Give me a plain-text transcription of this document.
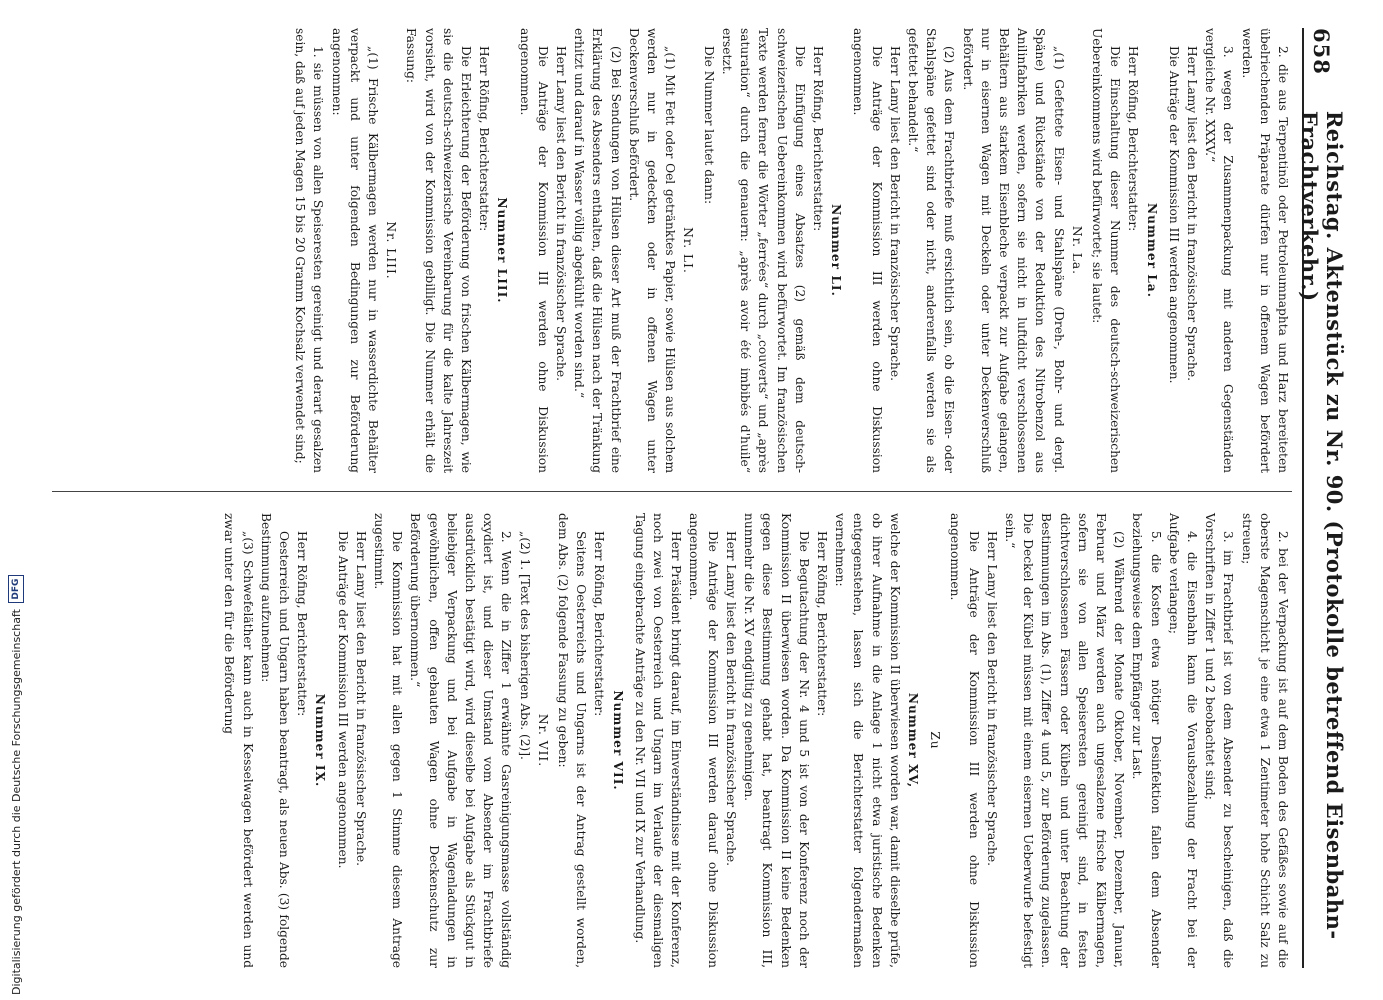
658
Reichstag. Aktenstück zu Nr. 90. (Protokolle betreffend Eisenbahn-Frachtverkehr.)

2. die aus Terpentinöl oder Petroleumnaphta und Harz bereiteten übelriechenden Präparate dürfen nur in offenem Wagen befördert werden.

3. wegen der Zusammenpackung mit anderen Gegenständen vergleiche Nr. XXXV.“

Herr Lamy liest den Bericht in französischer Sprache.

Die Anträge der Kommission III werden angenommen.

Nummer La.

Herr Röfing, Berichterstatter:

Die Einschaltung dieser Nummer des deutsch-schweizerischen Uebereinkommens wird befürwortet; sie lautet:

Nr. La.

„(1) Gefettete Eisen- und Stahlspäne (Dreh-, Bohr- und dergl. Späne) und Rückstände von der Reduktion des Nitrobenzol aus Anilinfabriken werden, sofern sie nicht in luftdicht verschlossenen Behältern aus starkem Eisenbleche verpackt zur Aufgabe gelangen, nur in eisernen Wagen mit Deckeln oder unter Deckenverschluß befördert.

(2) Aus dem Frachtbriefe muß ersichtlich sein, ob die Eisen- oder Stahlspäne gefettet sind oder nicht, anderenfalls werden sie als gefettet behandelt.“

Herr Lamy liest den Bericht in französischer Sprache.

Die Anträge der Kommission III werden ohne Diskussion angenommen.

Nummer LI.

Herr Röfing, Berichterstatter:

Die Einfügung eines Absatzes (2) gemäß dem deutsch-schweizerischen Uebereinkommen wird befürwortet. Im französischen Texte werden ferner die Wörter „ferrées“ durch „couverts“ und „après saturation“ durch die genauern: „après avoir été imbibés d'huile“ ersetzt.

Die Nummer lautet dann:

Nr. LI.

„(1) Mit Fett oder Oel getränktes Papier, sowie Hülsen aus solchem werden nur in gedeckten oder in offenen Wagen unter Deckenverschluß befördert.

(2) Bei Sendungen von Hülsen dieser Art muß der Frachtbrief eine Erklärung des Absenders enthalten, daß die Hülsen nach der Tränkung erhitzt und darauf in Wasser völlig abgekühlt worden sind.“

Herr Lamy liest den Bericht in französischer Sprache.

Die Anträge der Kommission III werden ohne Diskussion angenommen.

Nummer LIII.

Herr Röfing, Berichterstatter:

Die Erleichterung der Beförderung von frischen Kälbermagen, wie sie die deutsch-schweizerische Vereinbarung für die kalte Jahreszeit vorsieht, wird von der Kommission gebilligt. Die Nummer erhält die Fassung:

Nr. LIII.

„(1) Frische Kälbermagen werden nur in wasserdichte Behälter verpackt und unter folgenden Bedingungen zur Beförderung angenommen:

1. sie müssen von allen Speiseresten gereinigt und derart gesalzen sein, daß auf jeden Magen 15 bis 20 Gramm Kochsalz verwendet sind;

2. bei der Verpackung ist auf dem Boden des Gefäßes sowie auf die oberste Magenschicht je eine etwa 1 Zentimeter hohe Schicht Salz zu streuen;

3. im Frachtbrief ist von dem Absender zu bescheinigen, daß die Vorschriften in Ziffer 1 und 2 beobachtet sind;

4. die Eisenbahn kann die Vorausbezahlung der Fracht bei der Aufgabe verlangen;

5. die Kosten etwa nötiger Desinfektion fallen dem Absender beziehungsweise dem Empfänger zur Last.

(2) Während der Monate Oktober, November, Dezember, Januar, Februar und März werden auch ungesalzene frische Kälbermagen, sofern sie von allen Speiseresten gereinigt sind, in festen dichtverschlossenen Fässern oder Kübeln und unter Beachtung der Bestimmungen im Abs. (1), Ziffer 4 und 5, zur Beförderung zugelassen. Die Deckel der Kübel müssen mit einem eisernen Ueberwurfe befestigt sein.“

Herr Lamy liest den Bericht in französischer Sprache.

Die Anträge der Kommission III werden ohne Diskussion angenommen.

Zu

Nummer XV,

welche der Kommission II überwiesen worden war, damit dieselbe prüfe, ob ihrer Aufnahme in die Anlage 1 nicht etwa juristische Bedenken entgegenstehen, lassen sich die Berichterstatter folgendermaßen vernehmen:

Herr Röfing, Berichterstatter:

Die Begutachtung der Nr. 4 und 5 ist von der Konferenz noch der Kommission II überwiesen worden. Da Kommission II keine Bedenken gegen diese Bestimmung gehabt hat, beantragt Kommission III, nunmehr die Nr. XV endgültig zu genehmigen.

Herr Lamy liest den Bericht in französischer Sprache.

Die Anträge der Kommission III werden darauf ohne Diskussion angenommen.

Herr Präsident bringt darauf, im Einverständnisse mit der Konferenz, noch zwei von Oesterreich und Ungarn im Verlaufe der diesmaligen Tagung eingebrachte Anträge zu den Nr. VII und IX zur Verhandlung.

Nummer VII.

Herr Röfing, Berichterstatter:

Seitens Oesterreichs und Ungarns ist der Antrag gestellt worden, dem Abs. (2) folgende Fassung zu geben:

Nr. VII.

„(2) 1. [Text des bisherigen Abs. (2)].

2. Wenn die in Ziffer 1 erwähnte Gasreinigungsmasse vollständig oxydiert ist, und dieser Umstand vom Absender im Frachtbriefe ausdrücklich bestätigt wird, wird dieselbe bei Aufgabe als Stückgut in beliebiger Verpackung und bei Aufgabe in Wagenladungen in gewöhnlichen, offen gebauten Wagen ohne Deckenschutz zur Beförderung übernommen.“

Die Kommission hat mit allen gegen 1 Stimme diesem Antrage zugestimmt.

Herr Lamy liest den Bericht in französischer Sprache.

Die Anträge der Kommission III werden angenommen.

Nummer IX.

Herr Röfing, Berichterstatter:

Oesterreich und Ungarn haben beantragt, als neuen Abs. (3) folgende Bestimmung aufzunehmen:

„(3) Schwefeläther kann auch in Kesselwagen befördert werden und zwar unter den für die Beförderung

Digitalisierung gefördert durch die Deutsche Forschungsgemeinschaft
DFG
